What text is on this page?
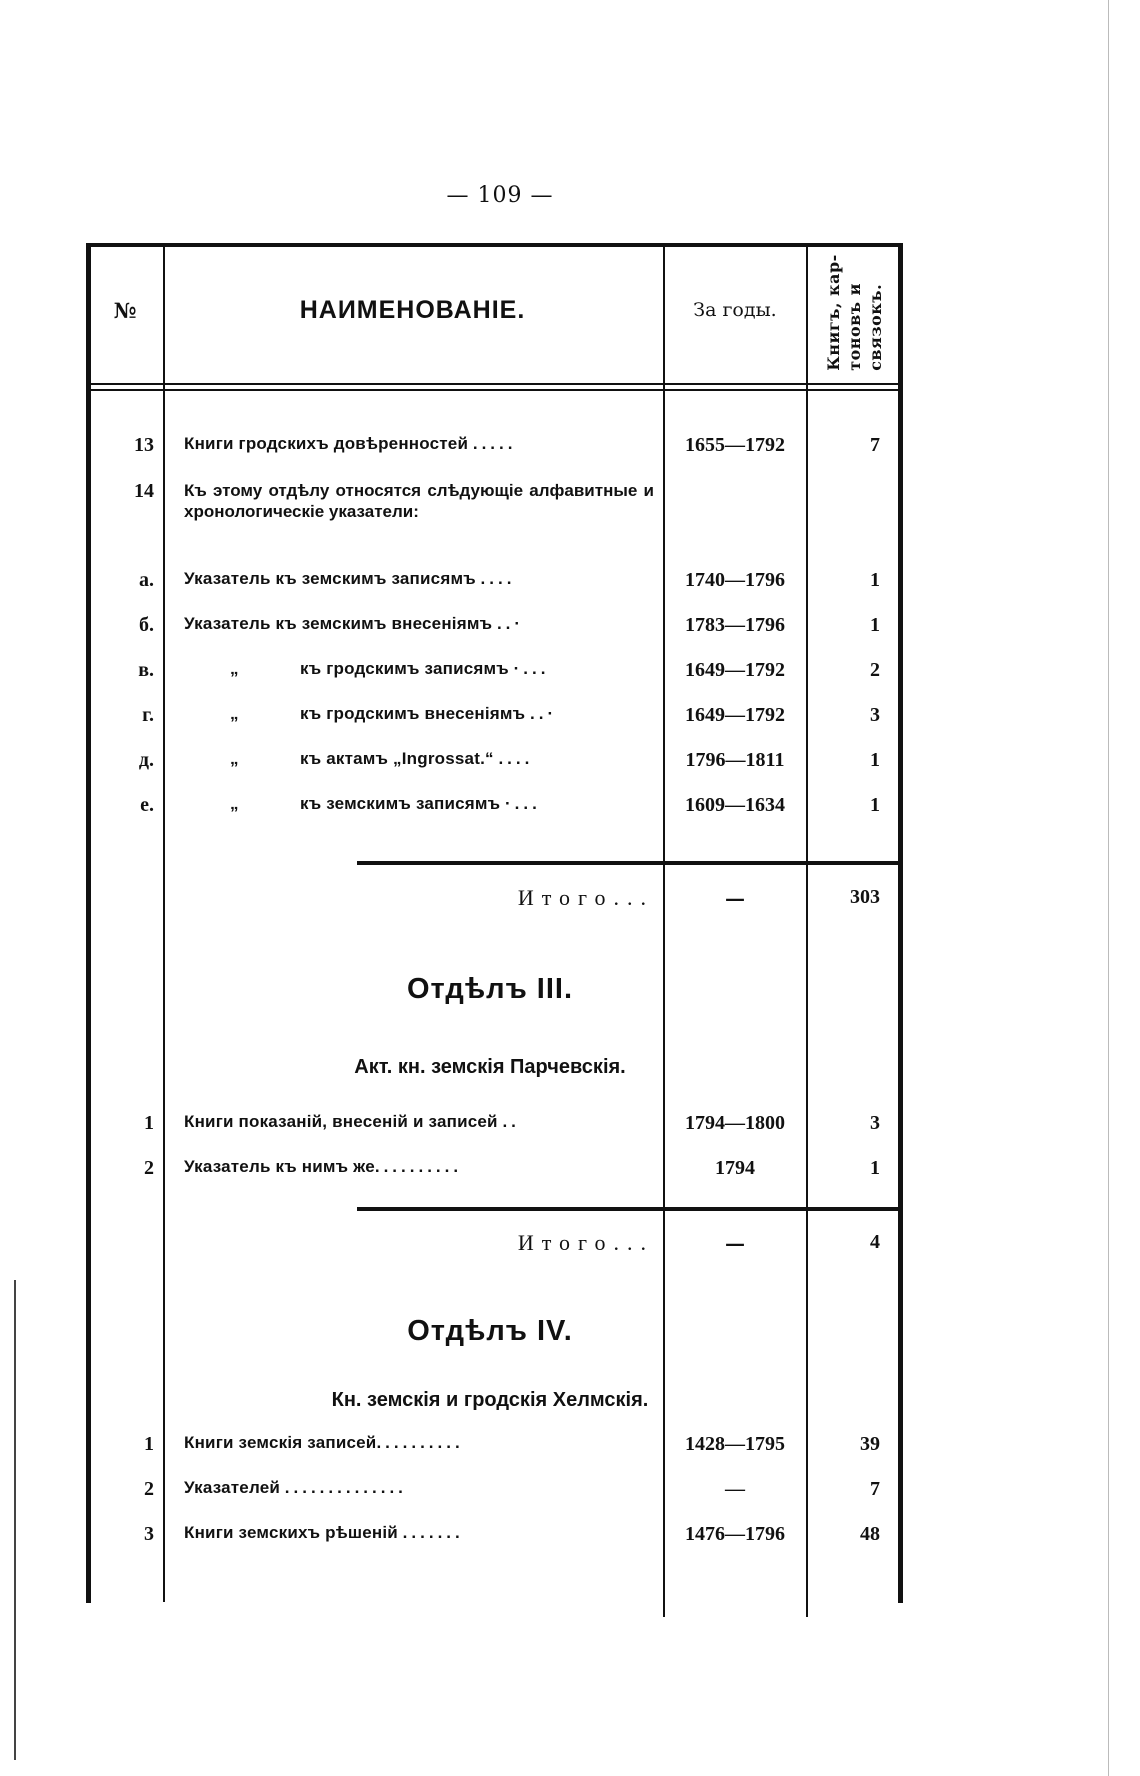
— 109 —
№	НАИМЕНОВАНІЕ.	За годы.	Книгъ, кар- тоновъ и связокъ.
13 Книги гродскихъ довѣренностей .....	1655—1792	7
14 Къ этому отдѣлу относятся слѣдующіе алфавитные и хронологическіе указатели:
а. Указатель къ земскимъ записямъ ....	1740—1796	1
б. Указатель къ земскимъ внесеніямъ ..·	1783—1796	1
в.	„	къ гродскимъ записямъ ·...	1649—1792	2
г.	„	къ гродскимъ внесеніямъ ..·	1649—1792	3
д.	„	къ актамъ „Ingrossat.“ ....	1796—1811	1
е.	„	къ земскимъ записямъ ·...	1609—1634	1
Итого...	—	303
Отдѣлъ III.
Акт. кн. земскія Парчевскія.
1 Книги показаній, внесеній и записей ..	1794—1800	3
2 Указатель къ нимъ же..........	1794	1
Итого...	—	4
Отдѣлъ IV.
Кн. земскія и гродскія Хелмскія.
1 Книги земскія записей..........	1428—1795	39
2 Указателей ..............	—	7
3 Книги земскихъ рѣшеній .......	1476—1796	48
